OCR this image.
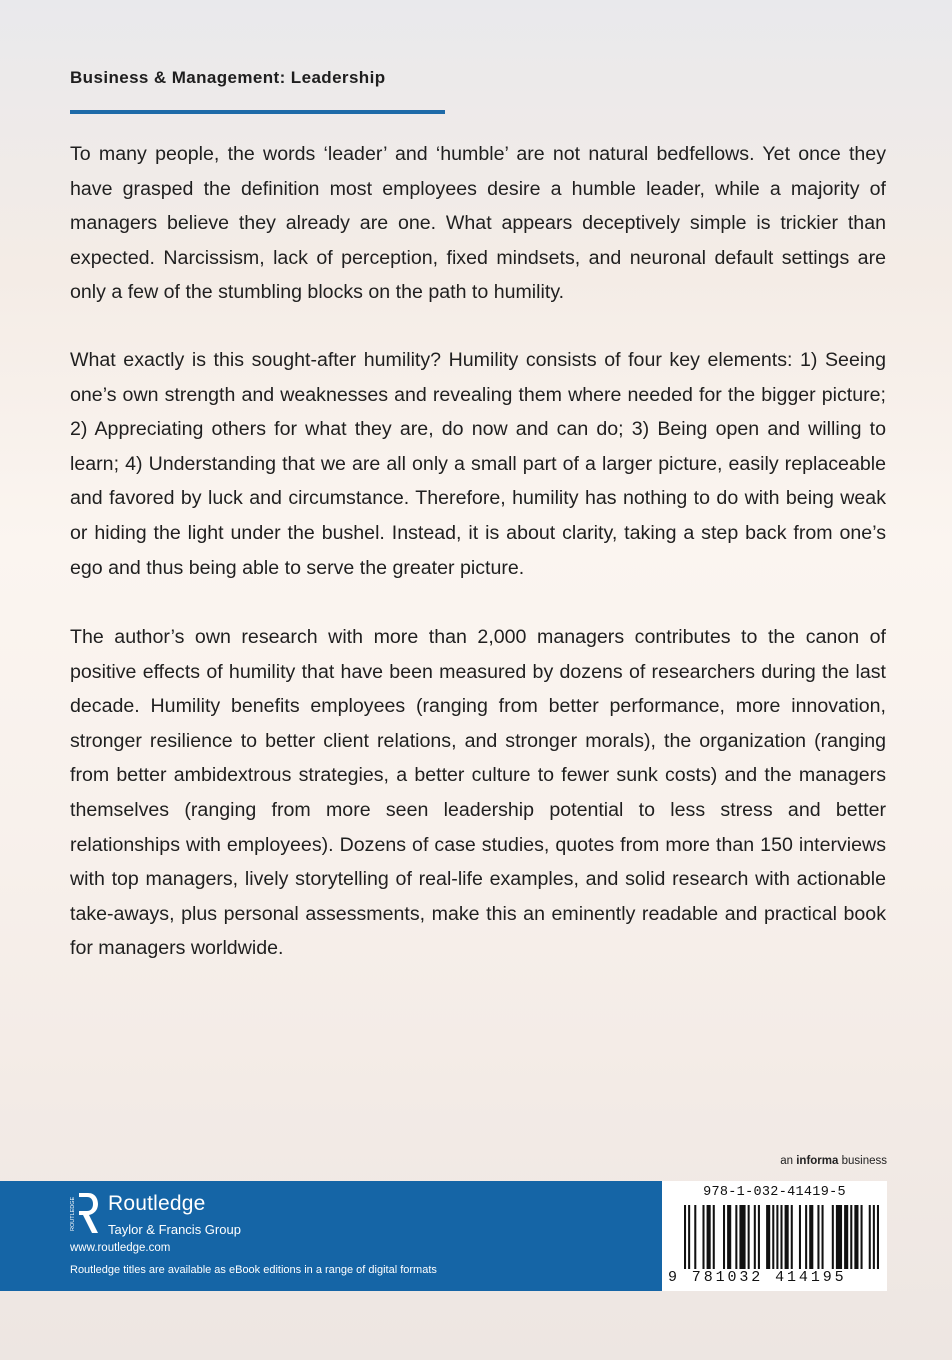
Business & Management: Leadership

To many people, the words ‘leader’ and ‘humble’ are not natural bedfellows. Yet once they have grasped the definition most employees desire a humble leader, while a majority of managers believe they already are one. What appears deceptively simple is trickier than expected. Narcissism, lack of perception, fixed mindsets, and neuronal default settings are only a few of the stumbling blocks on the path to humility.

What exactly is this sought-after humility? Humility consists of four key elements: 1) Seeing one’s own strength and weaknesses and revealing them where needed for the bigger picture; 2) Appreciating others for what they are, do now and can do; 3) Being open and willing to learn; 4) Understanding that we are all only a small part of a larger picture, easily replaceable and favored by luck and circumstance. Therefore, humility has nothing to do with being weak or hiding the light under the bushel. Instead, it is about clarity, taking a step back from one’s ego and thus being able to serve the greater picture.

The author’s own research with more than 2,000 managers contributes to the canon of positive effects of humility that have been measured by dozens of researchers during the last decade. Humility benefits employees (ranging from better performance, more innovation, stronger resilience to better client relations, and stronger morals), the organization (ranging from better ambidextrous strategies, a better culture to fewer sunk costs) and the managers themselves (ranging from more seen leadership potential to less stress and better relationships with employees). Dozens of case studies, quotes from more than 150 interviews with top managers, lively storytelling of real-life examples, and solid research with actionable take-aways, plus personal assessments, make this an eminently readable and practical book for managers worldwide.

an informa business
ROUTLEDGE Routledge
Taylor & Francis Group
www.routledge.com
Routledge titles are available as eBook editions in a range of digital formats
978-1-032-41419-5
9 781032 414195
